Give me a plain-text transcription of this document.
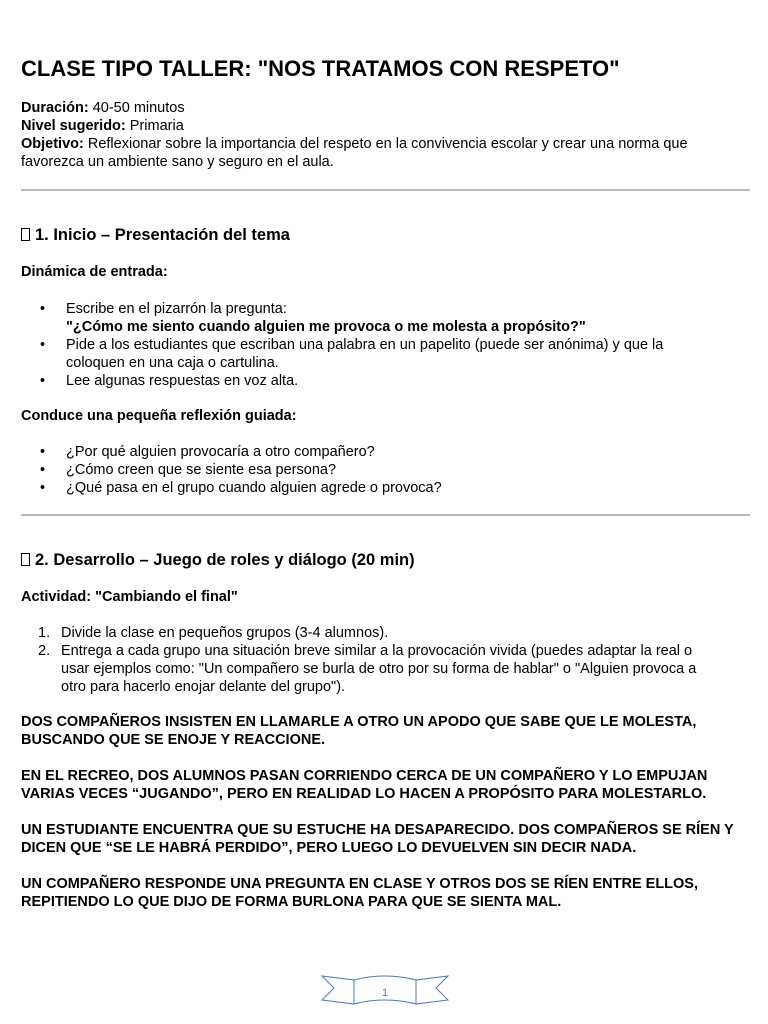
CLASE TIPO TALLER: "NOS TRATAMOS CON RESPETO"
Duración: 40-50 minutos
Nivel sugerido: Primaria
Objetivo: Reflexionar sobre la importancia del respeto en la convivencia escolar y crear una norma que favorezca un ambiente sano y seguro en el aula.
1. Inicio – Presentación del tema

Dinámica de entrada:

• Escribe en el pizarrón la pregunta:
"¿Cómo me siento cuando alguien me provoca o me molesta a propósito?"
• Pide a los estudiantes que escriban una palabra en un papelito (puede ser anónima) y que la coloquen en una caja o cartulina.
• Lee algunas respuestas en voz alta.

Conduce una pequeña reflexión guiada:

• ¿Por qué alguien provocaría a otro compañero?
• ¿Cómo creen que se siente esa persona?
• ¿Qué pasa en el grupo cuando alguien agrede o provoca?
2. Desarrollo – Juego de roles y diálogo (20 min)

Actividad: "Cambiando el final"

1. Divide la clase en pequeños grupos (3-4 alumnos).
2. Entrega a cada grupo una situación breve similar a la provocación vivida (puedes adaptar la real o usar ejemplos como: "Un compañero se burla de otro por su forma de hablar" o "Alguien provoca a otro para hacerlo enojar delante del grupo").

DOS COMPAÑEROS INSISTEN EN LLAMARLE A OTRO UN APODO QUE SABE QUE LE MOLESTA, BUSCANDO QUE SE ENOJE Y REACCIONE.

EN EL RECREO, DOS ALUMNOS PASAN CORRIENDO CERCA DE UN COMPAÑERO Y LO EMPUJAN VARIAS VECES “JUGANDO”, PERO EN REALIDAD LO HACEN A PROPÓSITO PARA MOLESTARLO.

UN ESTUDIANTE ENCUENTRA QUE SU ESTUCHE HA DESAPARECIDO. DOS COMPAÑEROS SE RÍEN Y DICEN QUE “SE LE HABRÁ PERDIDO”, PERO LUEGO LO DEVUELVEN SIN DECIR NADA.

UN COMPAÑERO RESPONDE UNA PREGUNTA EN CLASE Y OTROS DOS SE RÍEN ENTRE ELLOS, REPITIENDO LO QUE DIJO DE FORMA BURLONA PARA QUE SE SIENTA MAL.

1
